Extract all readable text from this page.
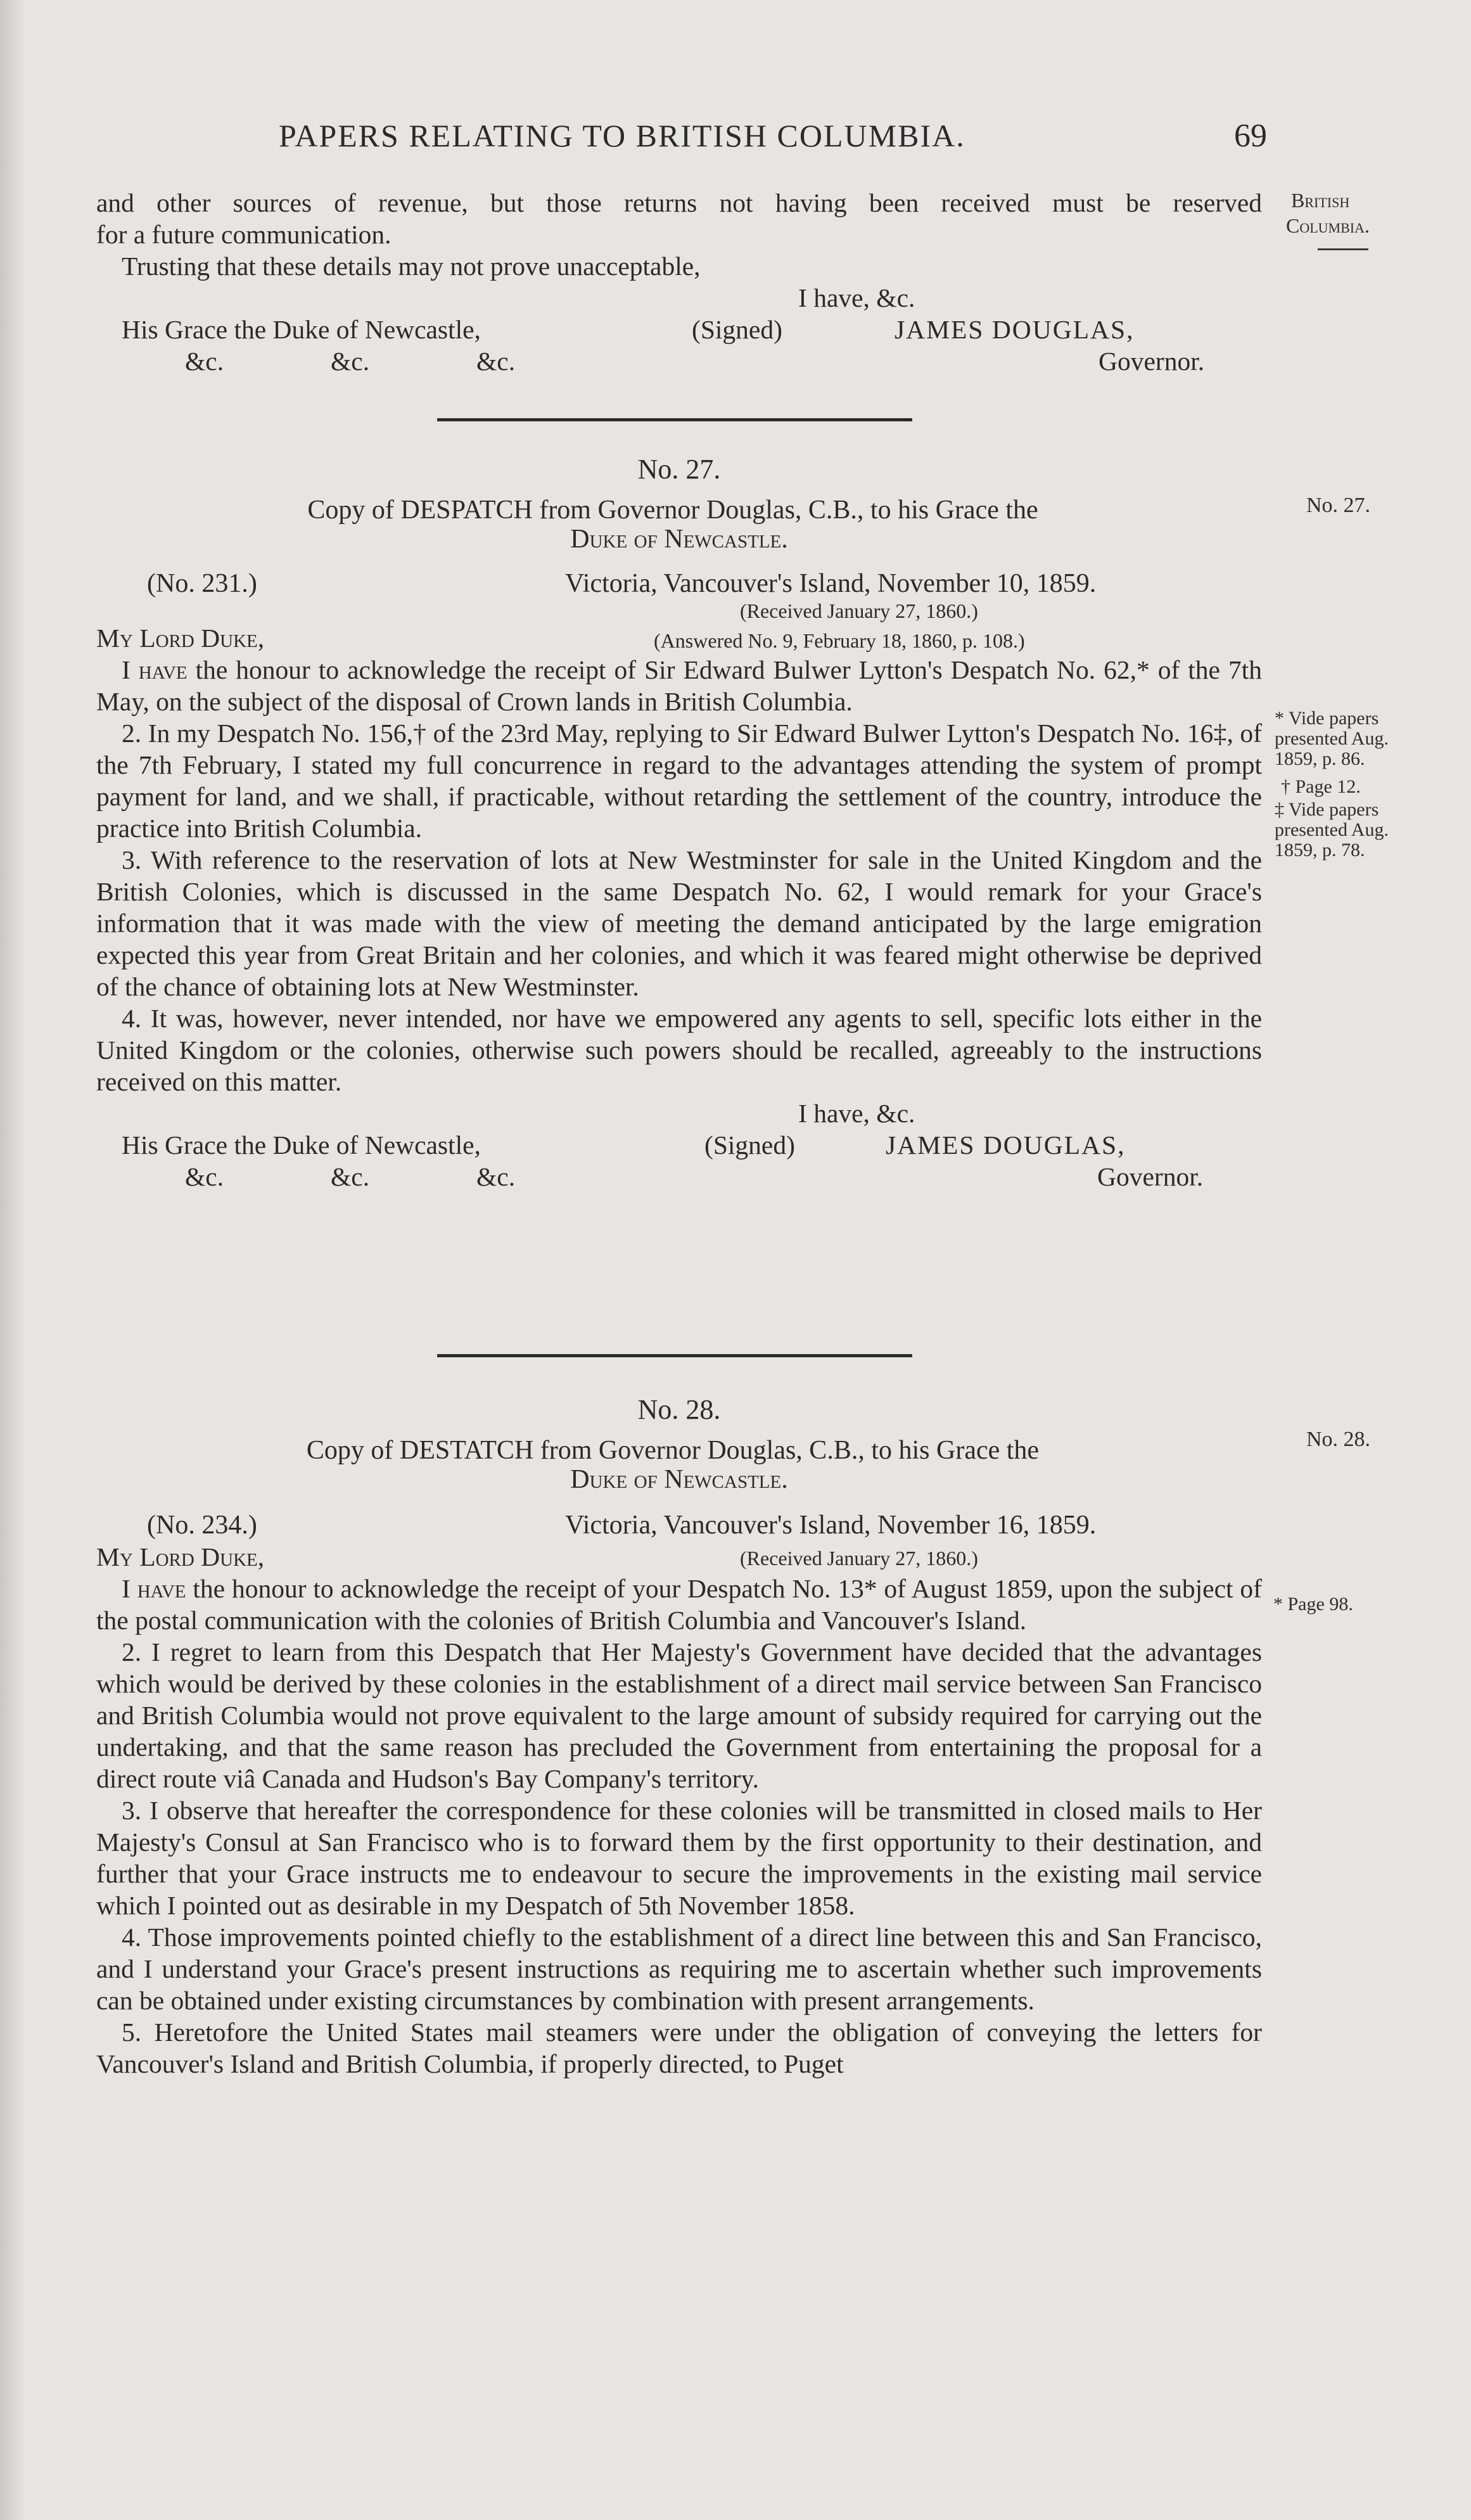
PAPERS RELATING TO BRITISH COLUMBIA.	69
British
Columbia.
No. 27.
* Vide papers
presented Aug.
1859, p. 86.
† Page 12.
‡ Vide papers
presented Aug.
1859, p. 78.
No. 28.
* Page 98.

and other sources of revenue, but those returns not having been received must be reserved

for a future communication.

Trusting that these details may not prove unacceptable,

I have, &c.
His Grace the Duke of Newcastle,	(Signed)	JAMES DOUGLAS,
&c.	&c.	&c.	Governor.
No. 27.
Copy of DESPATCH from Governor Douglas, C.B., to his Grace the
Duke of Newcastle.
(No. 231.)	Victoria, Vancouver's Island, November 10, 1859.
(Received January 27, 1860.)
My Lord Duke,	(Answered No. 9, February 18, 1860, p. 108.)

I have the honour to acknowledge the receipt of Sir Edward Bulwer Lytton's Despatch No. 62,* of the 7th May, on the subject of the disposal of Crown lands in British Columbia.

2. In my Despatch No. 156,† of the 23rd May, replying to Sir Edward Bulwer Lytton's Despatch No. 16‡, of the 7th February, I stated my full concurrence in regard to the advantages attending the system of prompt payment for land, and we shall, if practicable, without retarding the settlement of the country, introduce the practice into British Columbia.

3. With reference to the reservation of lots at New Westminster for sale in the United Kingdom and the British Colonies, which is discussed in the same Despatch No. 62, I would remark for your Grace's information that it was made with the view of meeting the demand anticipated by the large emigration expected this year from Great Britain and her colonies, and which it was feared might otherwise be deprived of the chance of obtaining lots at New Westminster.

4. It was, however, never intended, nor have we empowered any agents to sell, specific lots either in the United Kingdom or the colonies, otherwise such powers should be recalled, agreeably to the instructions received on this matter.

I have, &c.
His Grace the Duke of Newcastle,	(Signed)	JAMES DOUGLAS,
&c.	&c.	&c.	Governor.
No. 28.
Copy of DESTATCH from Governor Douglas, C.B., to his Grace the
Duke of Newcastle.
(No. 234.)	Victoria, Vancouver's Island, November 16, 1859.
My Lord Duke,	(Received January 27, 1860.)

I have the honour to acknowledge the receipt of your Despatch No. 13* of August 1859, upon the subject of the postal communication with the colonies of British Columbia and Vancouver's Island.

2. I regret to learn from this Despatch that Her Majesty's Government have decided that the advantages which would be derived by these colonies in the establishment of a direct mail service between San Francisco and British Columbia would not prove equivalent to the large amount of subsidy required for carrying out the undertaking, and that the same reason has precluded the Government from entertaining the proposal for a direct route viâ Canada and Hudson's Bay Company's territory.

3. I observe that hereafter the correspondence for these colonies will be transmitted in closed mails to Her Majesty's Consul at San Francisco who is to forward them by the first opportunity to their destination, and further that your Grace instructs me to endeavour to secure the improvements in the existing mail service which I pointed out as desirable in my Despatch of 5th November 1858.

4. Those improvements pointed chiefly to the establishment of a direct line between this and San Francisco, and I understand your Grace's present instructions as requiring me to ascertain whether such improvements can be obtained under existing circumstances by combination with present arrangements.

5. Heretofore the United States mail steamers were under the obligation of conveying the letters for Vancouver's Island and British Columbia, if properly directed, to Puget
